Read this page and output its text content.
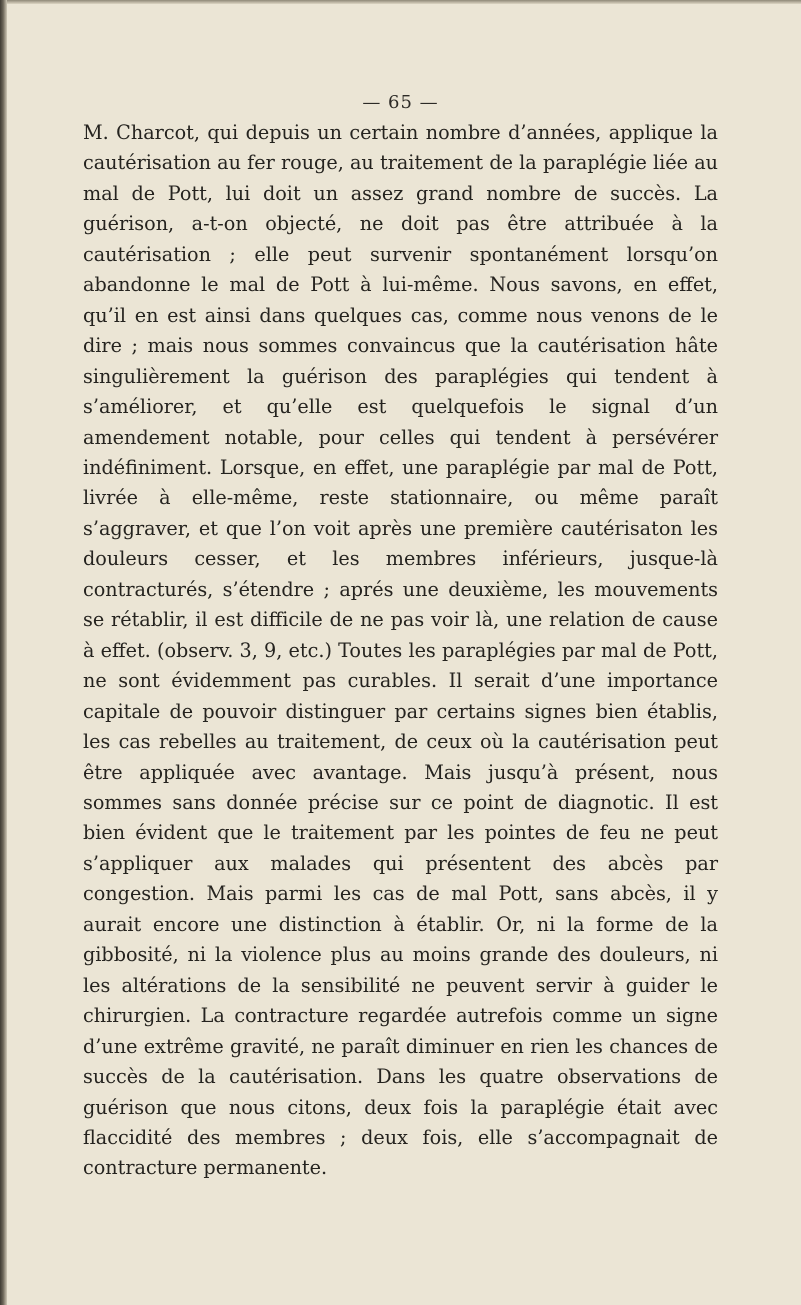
— 65 —

M. Charcot, qui depuis un certain nombre d’années, applique la cautérisation au fer rouge, au traitement de la paraplégie liée au mal de Pott, lui doit un assez grand nombre de succès. La guérison, a-t-on objecté, ne doit pas être attribuée à la cautérisation ; elle peut survenir spontanément lorsqu’on abandonne le mal de Pott à lui-même. Nous savons, en effet, qu’il en est ainsi dans quelques cas, comme nous venons de le dire ; mais nous sommes convaincus que la cautérisation hâte singulièrement la guérison des paraplégies qui tendent à s’améliorer, et qu’elle est quelquefois le signal d’un amendement notable, pour celles qui tendent à persévérer indéfiniment. Lorsque, en effet, une paraplégie par mal de Pott, livrée à elle-même, reste stationnaire, ou même paraît s’aggraver, et que l’on voit après une première cautérisaton les douleurs cesser, et les membres inférieurs, jusque-là contracturés, s’étendre ; aprés une deuxième, les mouvements se rétablir, il est difficile de ne pas voir là, une relation de cause à effet. (observ. 3, 9, etc.) Toutes les paraplégies par mal de Pott, ne sont évidemment pas curables. Il serait d’une importance capitale de pouvoir distinguer par certains signes bien établis, les cas rebelles au traitement, de ceux où la cautérisation peut être appliquée avec avantage. Mais jusqu’à présent, nous sommes sans donnée précise sur ce point de diagnotic. Il est bien évident que le traitement par les pointes de feu ne peut s’appliquer aux malades qui présentent des abcès par congestion. Mais parmi les cas de mal Pott, sans abcès, il y aurait encore une distinction à établir. Or, ni la forme de la gibbosité, ni la violence plus au moins grande des douleurs, ni les altérations de la sensibilité ne peuvent servir à guider le chirurgien. La contracture regardée autrefois comme un signe d’une extrême gravité, ne paraît diminuer en rien les chances de succès de la cautérisation. Dans les quatre observations de guérison que nous citons, deux fois la paraplégie était avec flaccidité des membres ; deux fois, elle s’accompagnait de contracture permanente.
